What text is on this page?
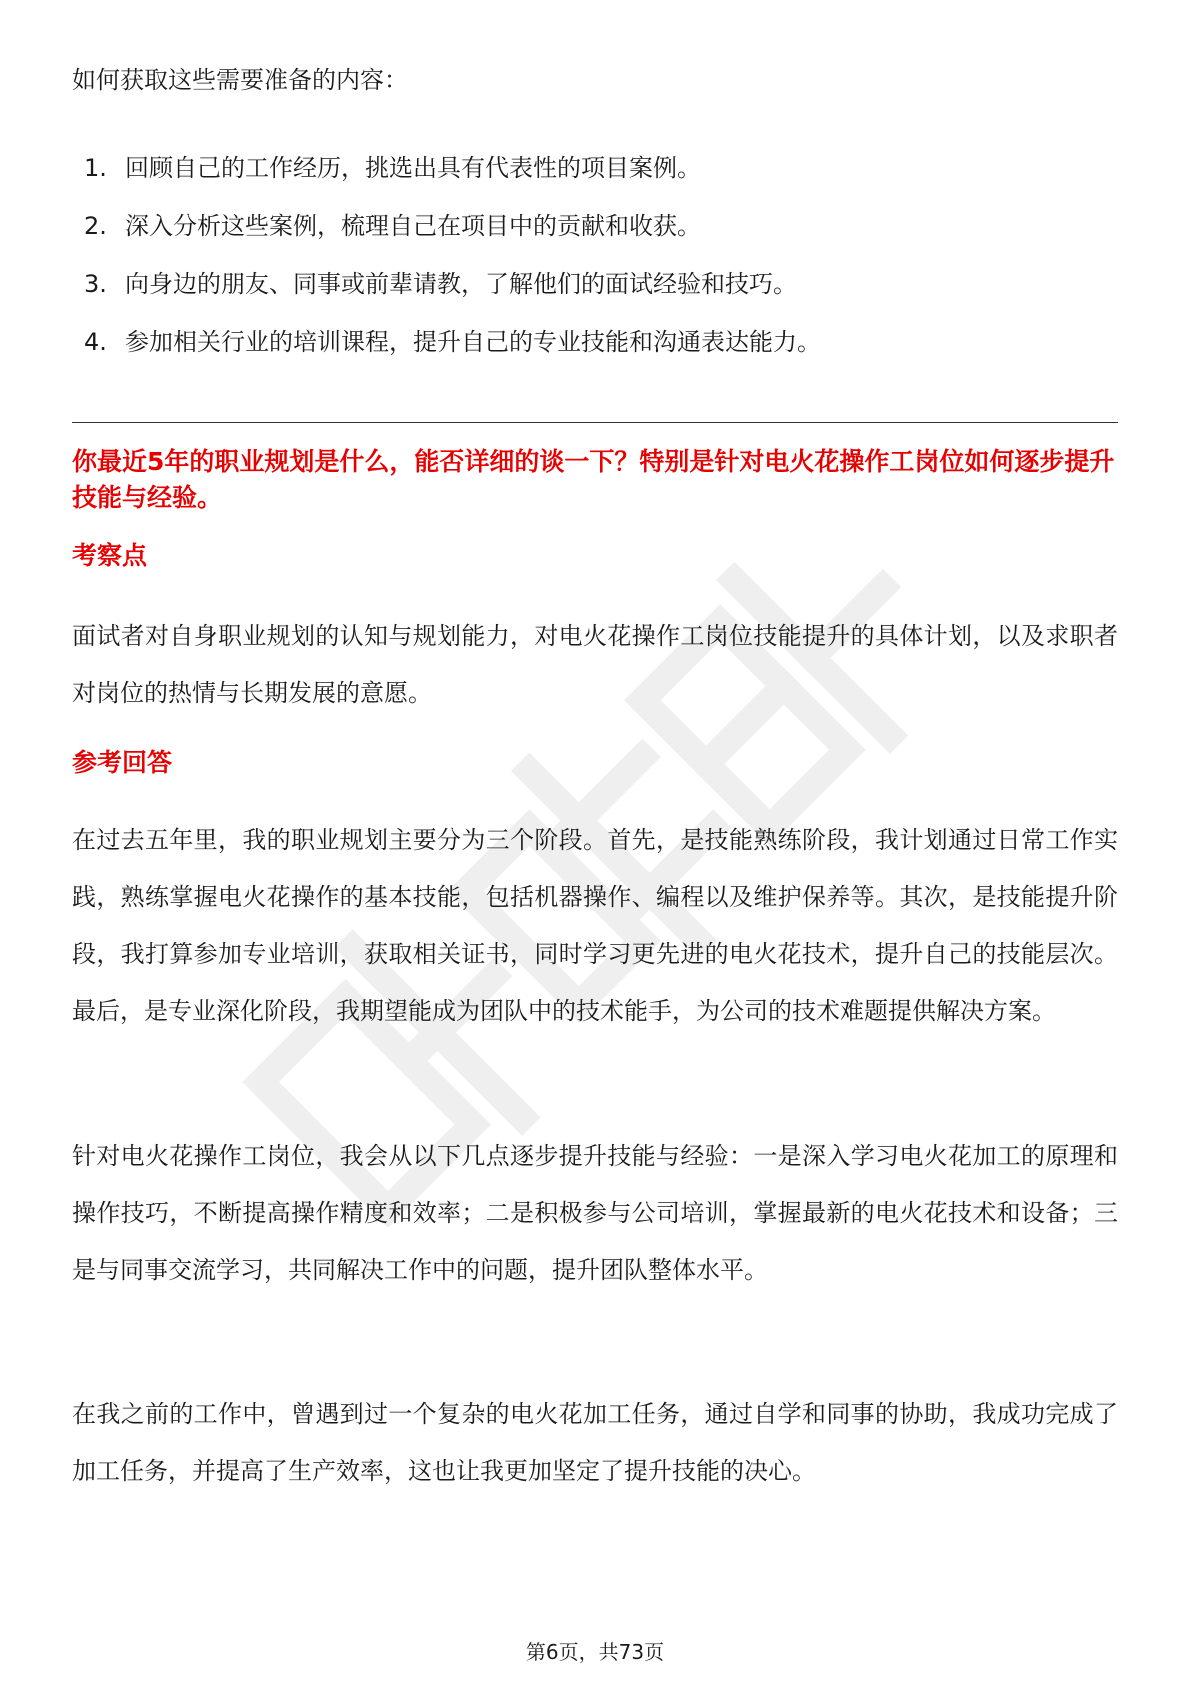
如何获取这些需要准备的内容：

1. 回顾自己的工作经历，挑选出具有代表性的项目案例。
2. 深入分析这些案例，梳理自己在项目中的贡献和收获。
3. 向身边的朋友、同事或前辈请教，了解他们的面试经验和技巧。
4. 参加相关行业的培训课程，提升自己的专业技能和沟通表达能力。
你最近5年的职业规划是什么，能否详细的谈一下？特别是针对电火花操作工岗位如何逐步提升技能与经验。
考察点

面试者对自身职业规划的认知与规划能力，对电火花操作工岗位技能提升的具体计划，以及求职者对岗位的热情与长期发展的意愿。

参考回答

在过去五年里，我的职业规划主要分为三个阶段。首先，是技能熟练阶段，我计划通过日常工作实践，熟练掌握电火花操作的基本技能，包括机器操作、编程以及维护保养等。其次，是技能提升阶段，我打算参加专业培训，获取相关证书，同时学习更先进的电火花技术，提升自己的技能层次。最后，是专业深化阶段，我期望能成为团队中的技术能手，为公司的技术难题提供解决方案。

针对电火花操作工岗位，我会从以下几点逐步提升技能与经验：一是深入学习电火花加工的原理和操作技巧，不断提高操作精度和效率；二是积极参与公司培训，掌握最新的电火花技术和设备；三是与同事交流学习，共同解决工作中的问题，提升团队整体水平。

在我之前的工作中，曾遇到过一个复杂的电火花加工任务，通过自学和同事的协助，我成功完成了加工任务，并提高了生产效率，这也让我更加坚定了提升技能的决心。

第6页，共73页
